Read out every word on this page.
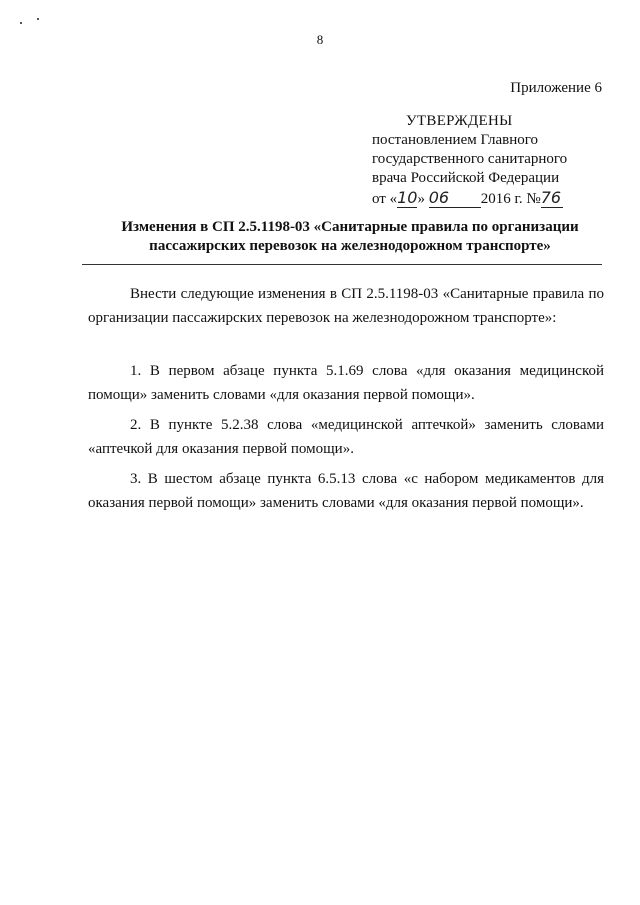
8
Приложение 6
УТВЕРЖДЕНЫ
постановлением Главного
государственного санитарного
врача Российской Федерации
от «10» 06 2016 г. №76
Изменения в СП 2.5.1198-03 «Санитарные правила по организации
пассажирских перевозок на железнодорожном транспорте»
Внести следующие изменения в СП 2.5.1198-03 «Санитарные правила по организации пассажирских перевозок на железнодорожном транспорте»:

1. В первом абзаце пункта 5.1.69 слова «для оказания медицинской помощи» заменить словами «для оказания первой помощи».

2. В пункте 5.2.38 слова «медицинской аптечкой» заменить словами «аптечкой для оказания первой помощи».

3. В шестом абзаце пункта 6.5.13 слова «с набором медикаментов для оказания первой помощи» заменить словами «для оказания первой помощи».
